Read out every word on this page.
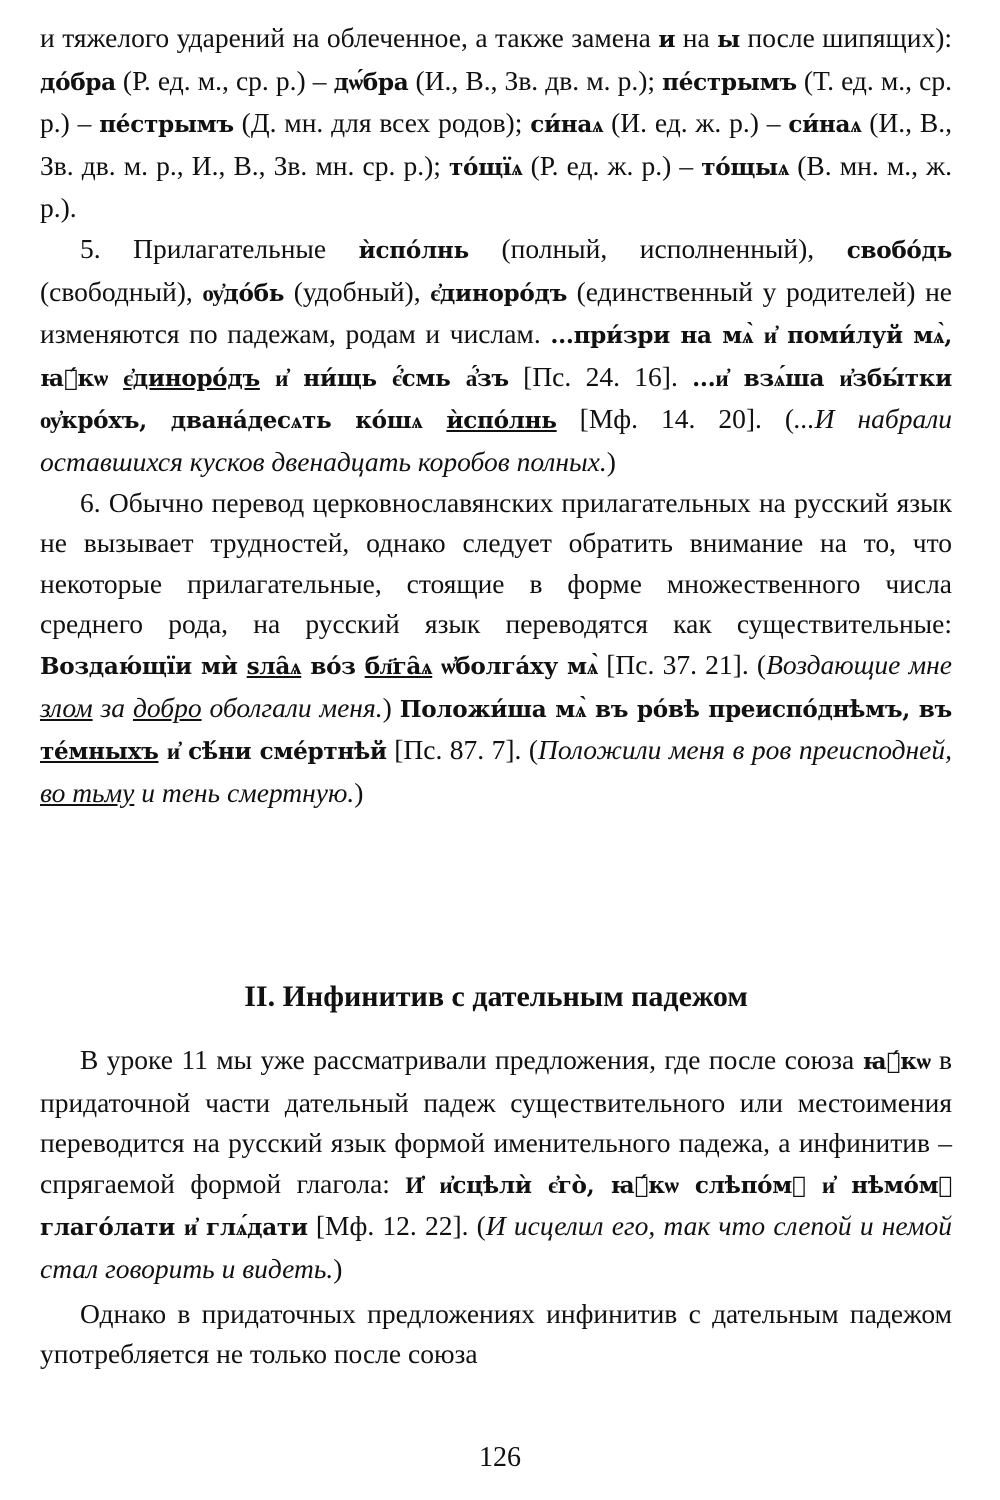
и тяжелого ударений на облеченное, а также замена и на ы после шипящих): до́бра (Р. ед. м., ср. р.) – дѡ́бра (И., В., Зв. дв. м. р.); пе́стрымъ (Т. ед. м., ср. р.) – пе́стрымъ (Д. мн. для всех родов); си́наѧ (И. ед. ж. р.) – си́наѧ (И., В., Зв. дв. м. р., И., В., Зв. мн. ср. р.); то́щїѧ (Р. ед. ж. р.) – то́щыѧ (В. мн. м., ж. р.).

5. Прилагательные ѝспо́лнь (полный, исполненный), свобо́дь (свободный), ѹ҆до́бь (удобный), є҆диноро́дъ (единственный у родителей) не изменяются по падежам, родам и числам. ...при́зри на мѧ̀ и҆ поми́луй мѧ̀, ꙗ҆́кѡ є҆диноро́дъ и҆ ни́щь є҆́смь а҆́зъ [Пс. 24. 16]. ...и҆ взѧ́ша и҆збы́тки ѹ҆кро́хъ, двана́десѧть ко́шѧ ѝспо́лнь [Мф. 14. 20]. (...И набрали оставшихся кусков двенадцать коробов полных.)

6. Обычно перевод церковнославянских прилагательных на русский язык не вызывает трудностей, однако следует обратить внимание на то, что некоторые прилагательные, стоящие в форме множественного числа среднего рода, на русский язык переводятся как существительные: Воздаю́щїи мѝ ѕла̑ѧ во́з бл҃га̑ѧ ѡ҆болга́ху мѧ̀ [Пс. 37. 21]. (Воздающие мне злом за добро оболгали меня.) Положи́ша мѧ̀ въ ро́вѣ преиспо́днѣмъ, въ те́мныхъ и҆ сѣ́ни сме́ртнѣй [Пс. 87. 7]. (Положили меня в ров преисподней, во тьму и тень смертную.)

II. Инфинитив с дательным падежом

В уроке 11 мы уже рассматривали предложения, где после союза ꙗ҆́кѡ в придаточной части дательный падеж существительного или местоимения переводится на русский язык формой именительного падежа, а инфинитив – спрягаемой формой глагола: И҆ и҆сцѣлѝ є҆го̀, ꙗ҆́кѡ слѣпо́мꙋ и҆ нѣмо́мꙋ глаго́лати и҆ глѧ́дати [Мф. 12. 22]. (И исцелил его, так что слепой и немой стал говорить и видеть.)

Однако в придаточных предложениях инфинитив с дательным падежом употребляется не только после союза

126
